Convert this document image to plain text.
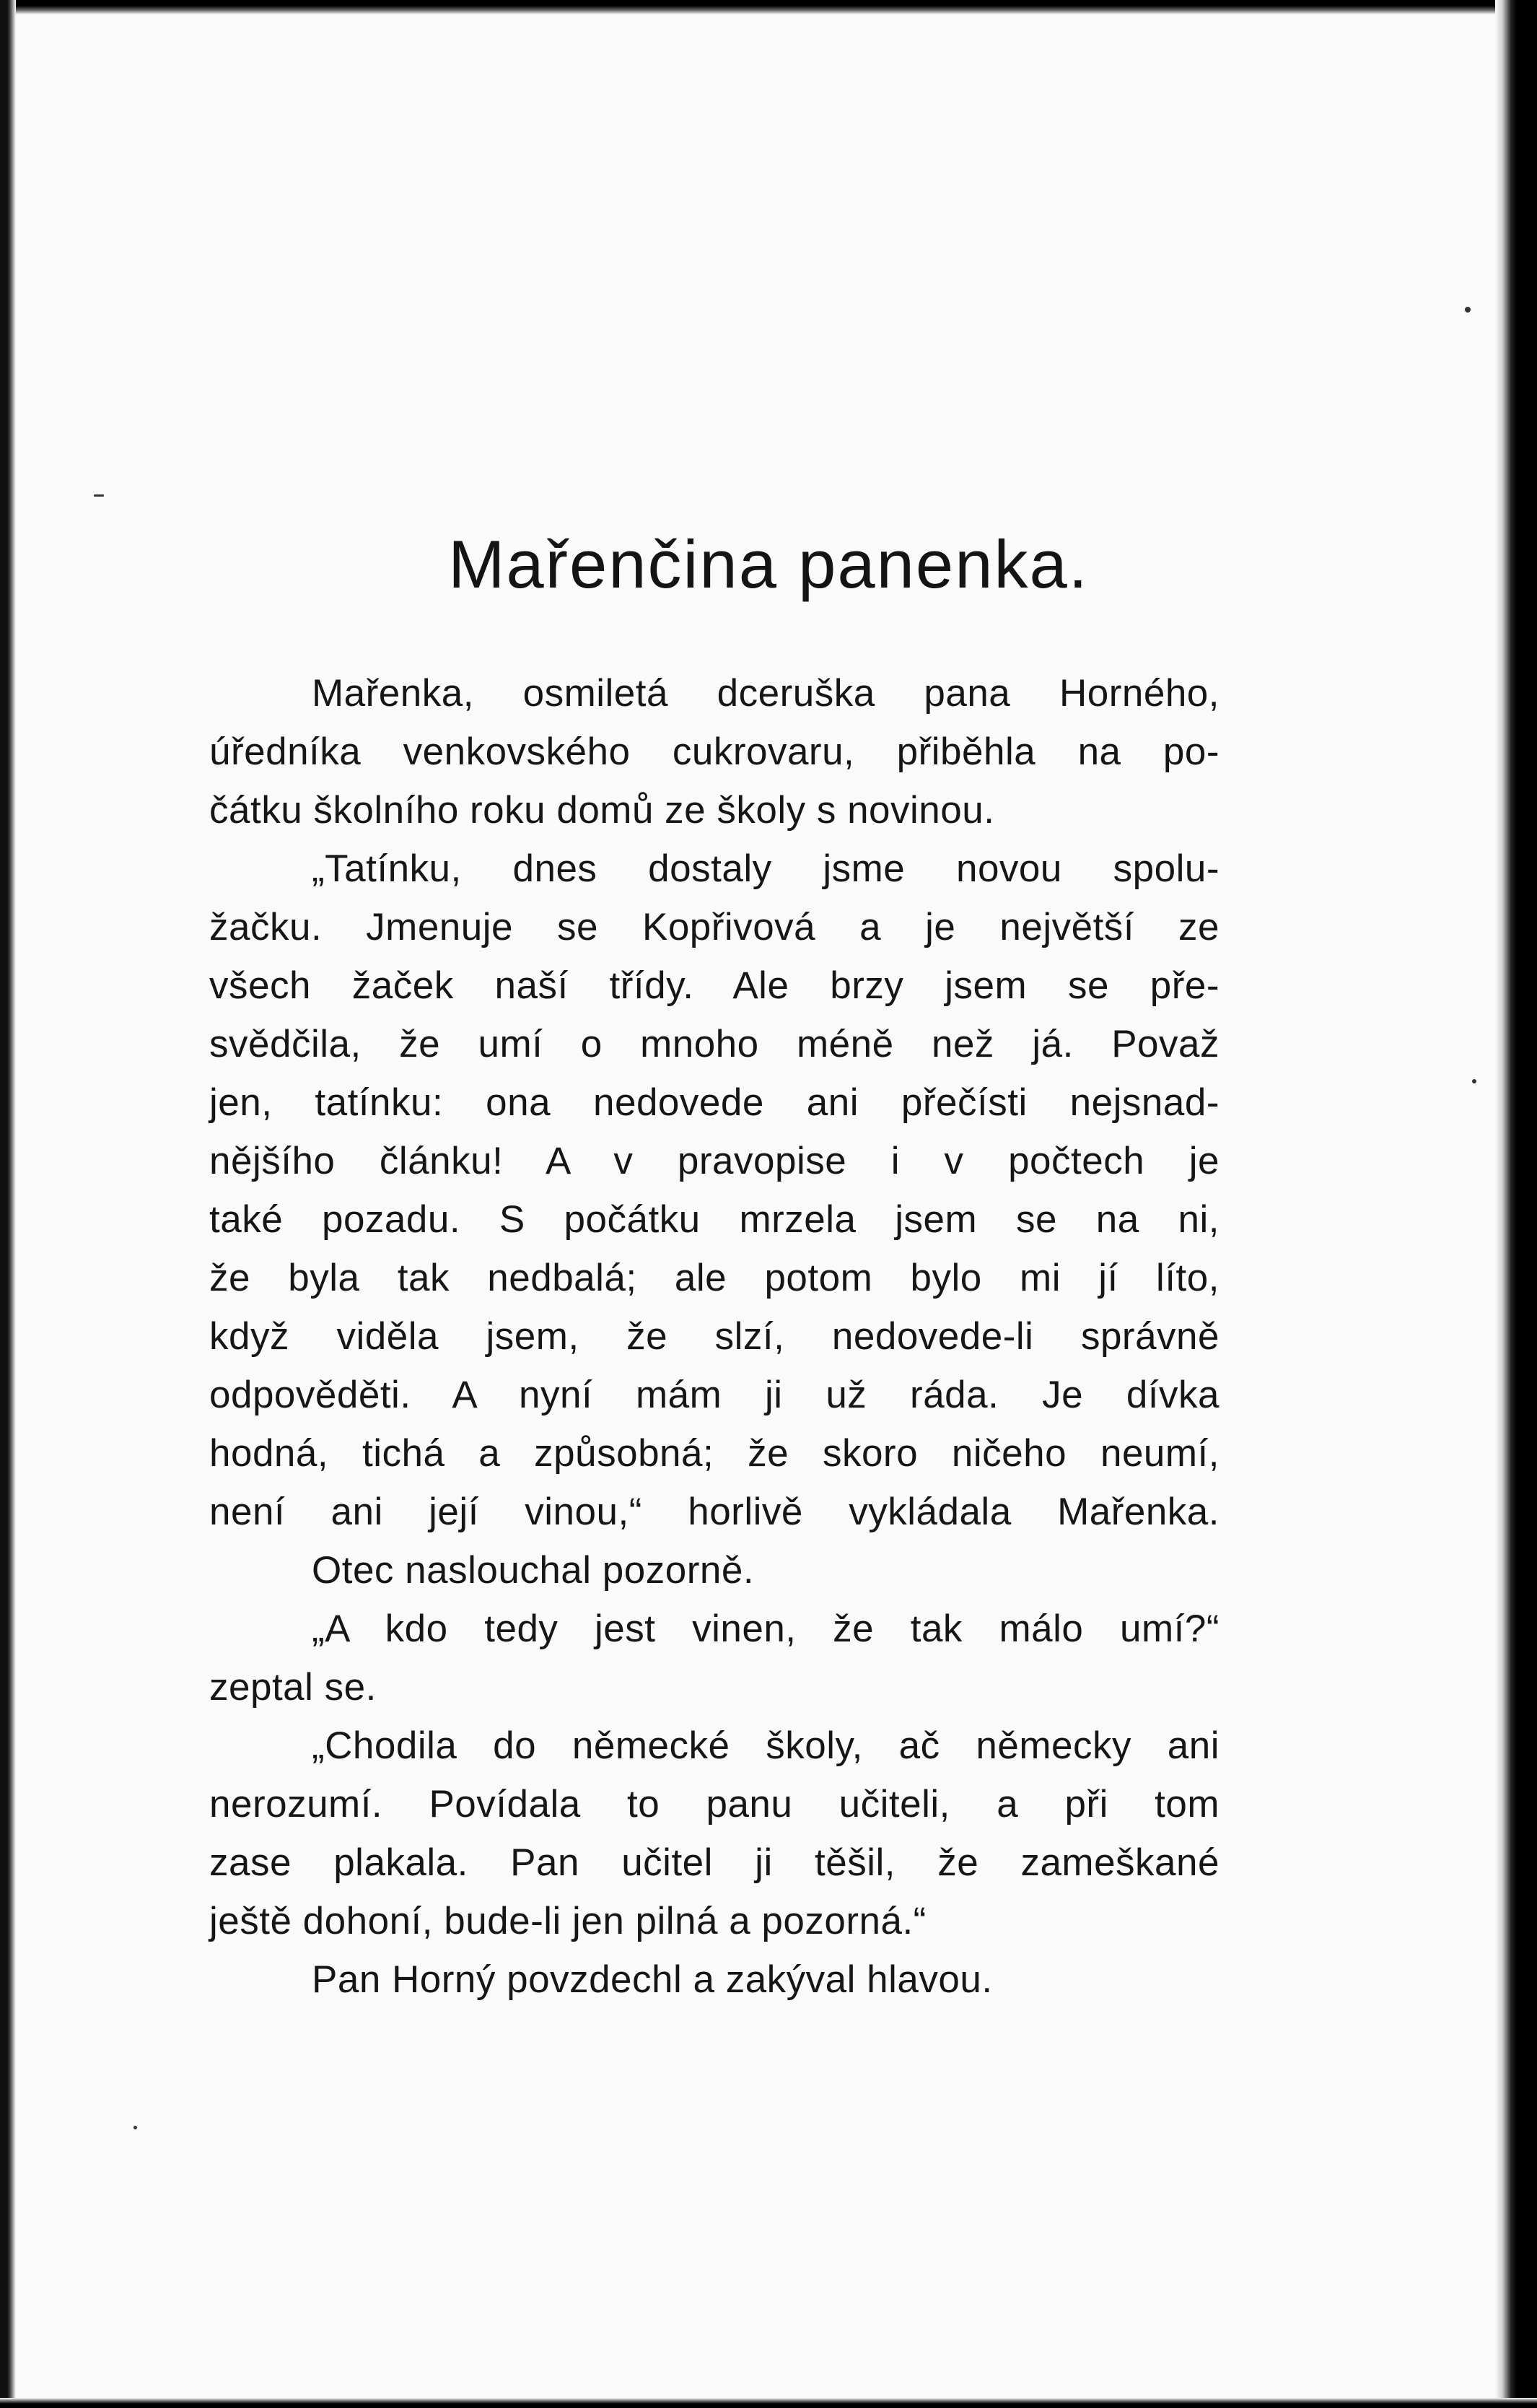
Mařenčina panenka.
Mařenka, osmiletá dceruška pana Horného,
úředníka venkovského cukrovaru, přiběhla na po-
čátku školního roku domů ze školy s novinou.
„Tatínku, dnes dostaly jsme novou spolu-
žačku. Jmenuje se Kopřivová a je největší ze
všech žaček naší třídy. Ale brzy jsem se pře-
svědčila, že umí o mnoho méně než já. Považ
jen, tatínku: ona nedovede ani přečísti nejsnad-
nějšího článku! A v pravopise i v počtech je
také pozadu. S počátku mrzela jsem se na ni,
že byla tak nedbalá; ale potom bylo mi jí líto,
když viděla jsem, že slzí, nedovede-li správně
odpověděti. A nyní mám ji už ráda. Je dívka
hodná, tichá a způsobná; že skoro ničeho neumí,
není ani její vinou,“ horlivě vykládala Mařenka.
Otec naslouchal pozorně.
„A kdo tedy jest vinen, že tak málo umí?“
zeptal se.
„Chodila do německé školy, ač německy ani
nerozumí. Povídala to panu učiteli, a při tom
zase plakala. Pan učitel ji těšil, že zameškané
ještě dohoní, bude-li jen pilná a pozorná.“
Pan Horný povzdechl a zakýval hlavou.
